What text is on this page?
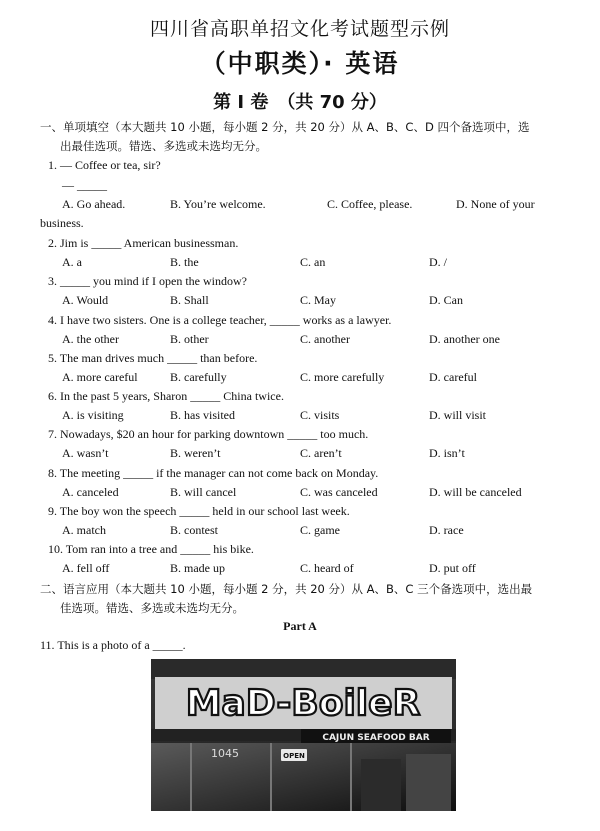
四川省高职单招文化考试题型示例
（中职类）· 英语
第 I 卷　（共 70 分）
一、单项填空（本大题共 10 小题，每小题 2 分，共 20 分）从 A、B、C、D 四个备选项中，选
出最佳选项。错选、多选或未选均无分。
1. — Coffee or tea, sir?
— _____
A. Go ahead.	B. You’re welcome.	C. Coffee, please.	D. None of your
business.
2. Jim is _____ American businessman.
A. a	B. the	C. an	D. /
3. _____ you mind if I open the window?
A. Would	B. Shall	C. May	D. Can
4. I have two sisters. One is a college teacher, _____ works as a lawyer.
A. the other	B. other	C. another	D. another one
5. The man drives much _____ than before.
A. more careful	B. carefully	C. more carefully	D. careful
6. In the past 5 years, Sharon _____ China twice.
A. is visiting	B. has visited	C. visits	D. will visit
7. Nowadays, $20 an hour for parking downtown _____ too much.
A. wasn’t	B. weren’t	C. aren’t	D. isn’t
8. The meeting _____ if the manager can not come back on Monday.
A. canceled	B. will cancel	C. was canceled	D. will be canceled
9. The boy won the speech _____ held in our school last week.
A. match	B. contest	C. game	D. race
10. Tom ran into a tree and _____ his bike.
A. fell off	B. made up	C. heard of	D. put off
二、语言应用（本大题共 10 小题，每小题 2 分，共 20 分）从 A、B、C 三个备选项中，选出最
佳选项。错选、多选或未选均无分。
Part A
11. This is a photo of a _____.
MaD-BoileR
CAJUN SEAFOOD BAR
1045	OPEN
